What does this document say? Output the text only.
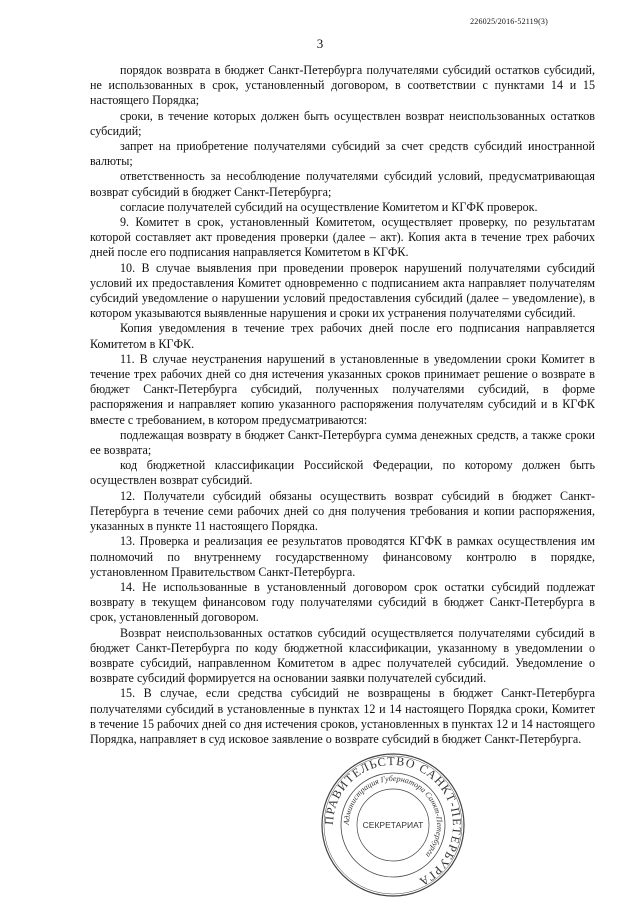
226025/2016-52119(3)
3

порядок возврата в бюджет Санкт-Петербурга получателями субсидий остатков субсидий, не использованных в срок, установленный договором, в соответствии с пунктами 14 и 15 настоящего Порядка;

сроки, в течение которых должен быть осуществлен возврат неиспользованных остатков субсидий;

запрет на приобретение получателями субсидий за счет средств субсидий иностранной валюты;

ответственность за несоблюдение получателями субсидий условий, предусматривающая возврат субсидий в бюджет Санкт-Петербурга;

согласие получателей субсидий на осуществление Комитетом и КГФК проверок.

9. Комитет в срок, установленный Комитетом, осуществляет проверку, по результатам которой составляет акт проведения проверки (далее – акт). Копия акта в течение трех рабочих дней после его подписания направляется Комитетом в КГФК.

10. В случае выявления при проведении проверок нарушений получателями субсидий условий их предоставления Комитет одновременно с подписанием акта направляет получателям субсидий уведомление о нарушении условий предоставления субсидий (далее – уведомление), в котором указываются выявленные нарушения и сроки их устранения получателями субсидий.

Копия уведомления в течение трех рабочих дней после его подписания направляется Комитетом в КГФК.

11. В случае неустранения нарушений в установленные в уведомлении сроки Комитет в течение трех рабочих дней со дня истечения указанных сроков принимает решение о возврате в бюджет Санкт-Петербурга субсидий, полученных получателями субсидий, в форме распоряжения и направляет копию указанного распоряжения получателям субсидий и в КГФК вместе с требованием, в котором предусматриваются:

подлежащая возврату в бюджет Санкт-Петербурга сумма денежных средств, а также сроки ее возврата;

код бюджетной классификации Российской Федерации, по которому должен быть осуществлен возврат субсидий.

12. Получатели субсидий обязаны осуществить возврат субсидий в бюджет Санкт-Петербурга в течение семи рабочих дней со дня получения требования и копии распоряжения, указанных в пункте 11 настоящего Порядка.

13. Проверка и реализация ее результатов проводятся КГФК в рамках осуществления им полномочий по внутреннему государственному финансовому контролю в порядке, установленном Правительством Санкт-Петербурга.

14. Не использованные в установленный договором срок остатки субсидий подлежат возврату в текущем финансовом году получателями субсидий в бюджет Санкт-Петербурга в срок, установленный договором.

Возврат неиспользованных остатков субсидий осуществляется получателями субсидий в бюджет Санкт-Петербурга по коду бюджетной классификации, указанному в уведомлении о возврате субсидий, направленном Комитетом в адрес получателей субсидий. Уведомление о возврате субсидий формируется на основании заявки получателей субсидий.

15. В случае, если средства субсидий не возвращены в бюджет Санкт-Петербурга получателями субсидий в установленные в пунктах 12 и 14 настоящего Порядка сроки, Комитет в течение 15 рабочих дней со дня истечения сроков, установленных в пунктах 12 и 14 настоящего Порядка, направляет в суд исковое заявление о возврате субсидий в бюджет Санкт-Петербурга.

ПРАВИТЕЛЬСТВО САНКТ-ПЕТЕРБУРГА
Администрация Губернатора Санкт-Петербурга
СЕКРЕТАРИАТ
